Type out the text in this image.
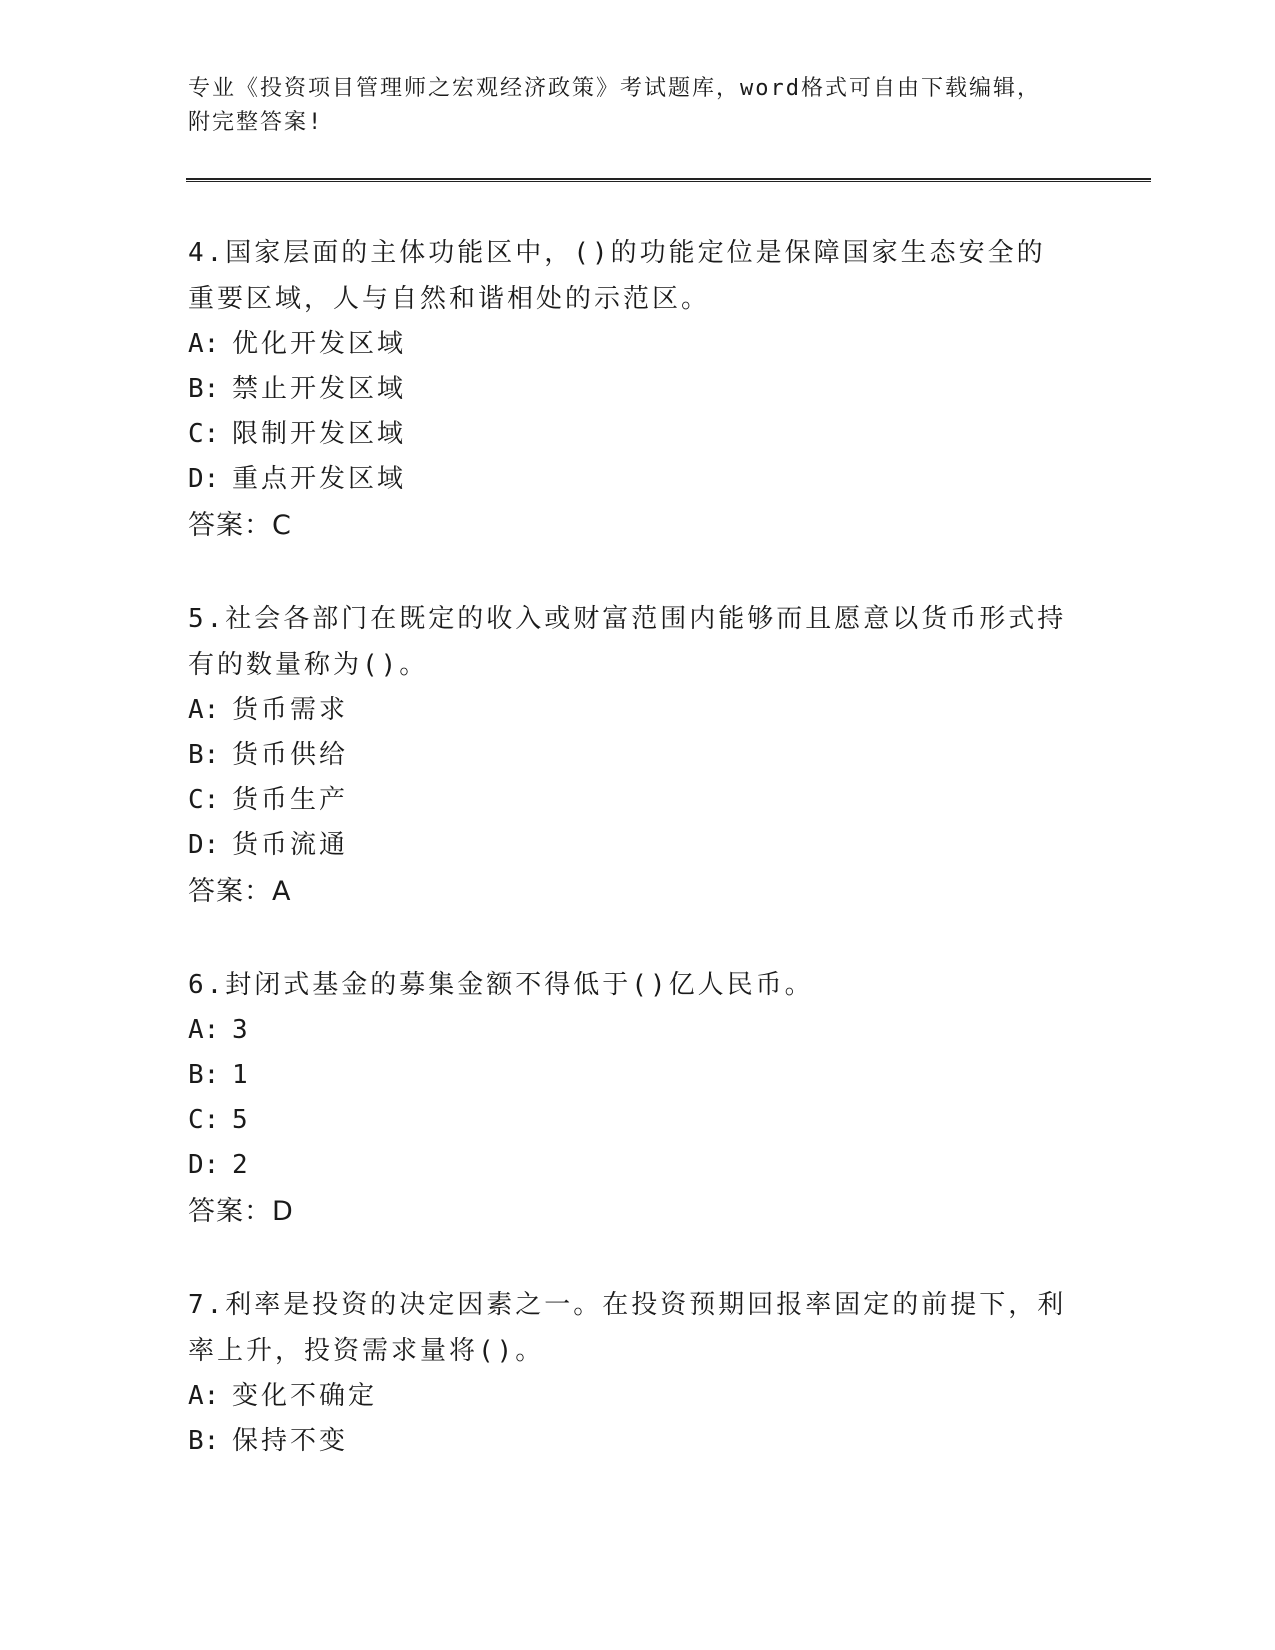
专业《投资项目管理师之宏观经济政策》考试题库，word格式可自由下载编辑，
附完整答案!
4.国家层面的主体功能区中，()的功能定位是保障国家生态安全的重要区域，人与自然和谐相处的示范区。
A: 优化开发区域
B: 禁止开发区域
C: 限制开发区域
D: 重点开发区域
答案：C
5.社会各部门在既定的收入或财富范围内能够而且愿意以货币形式持有的数量称为()。
A: 货币需求
B: 货币供给
C: 货币生产
D: 货币流通
答案：A
6.封闭式基金的募集金额不得低于()亿人民币。
A: 3
B: 1
C: 5
D: 2
答案：D
7.利率是投资的决定因素之一。在投资预期回报率固定的前提下，利率上升，投资需求量将()。
A: 变化不确定
B: 保持不变
